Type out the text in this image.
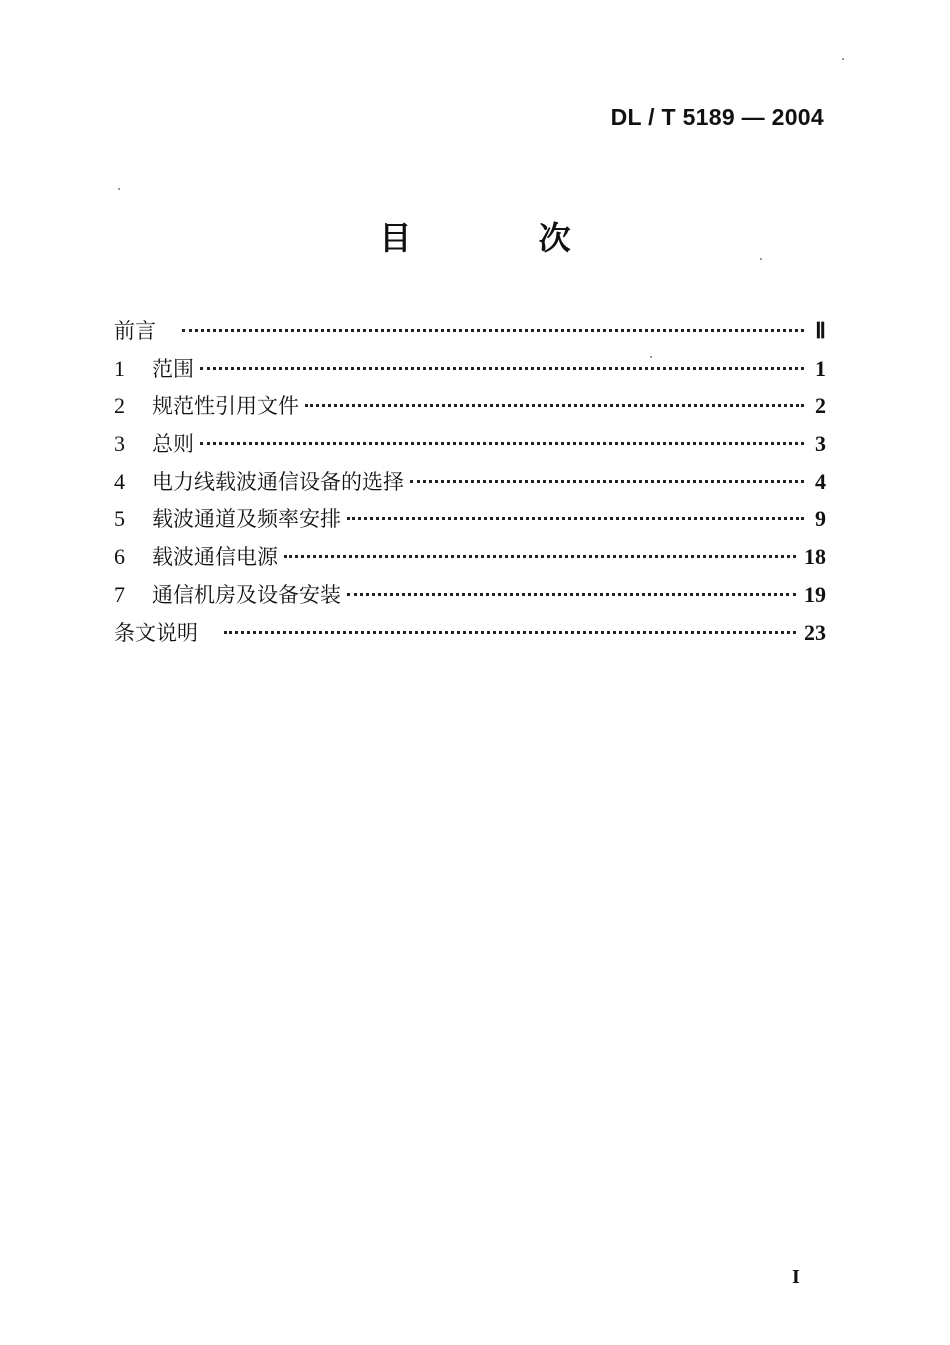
DL / T 5189 — 2004
目 次
前言	Ⅱ
1	范围	1
2	规范性引用文件	2
3	总则	3
4	电力线载波通信设备的选择	4
5	载波通道及频率安排	9
6	载波通信电源	18
7	通信机房及设备安装	19
条文说明	23
I
